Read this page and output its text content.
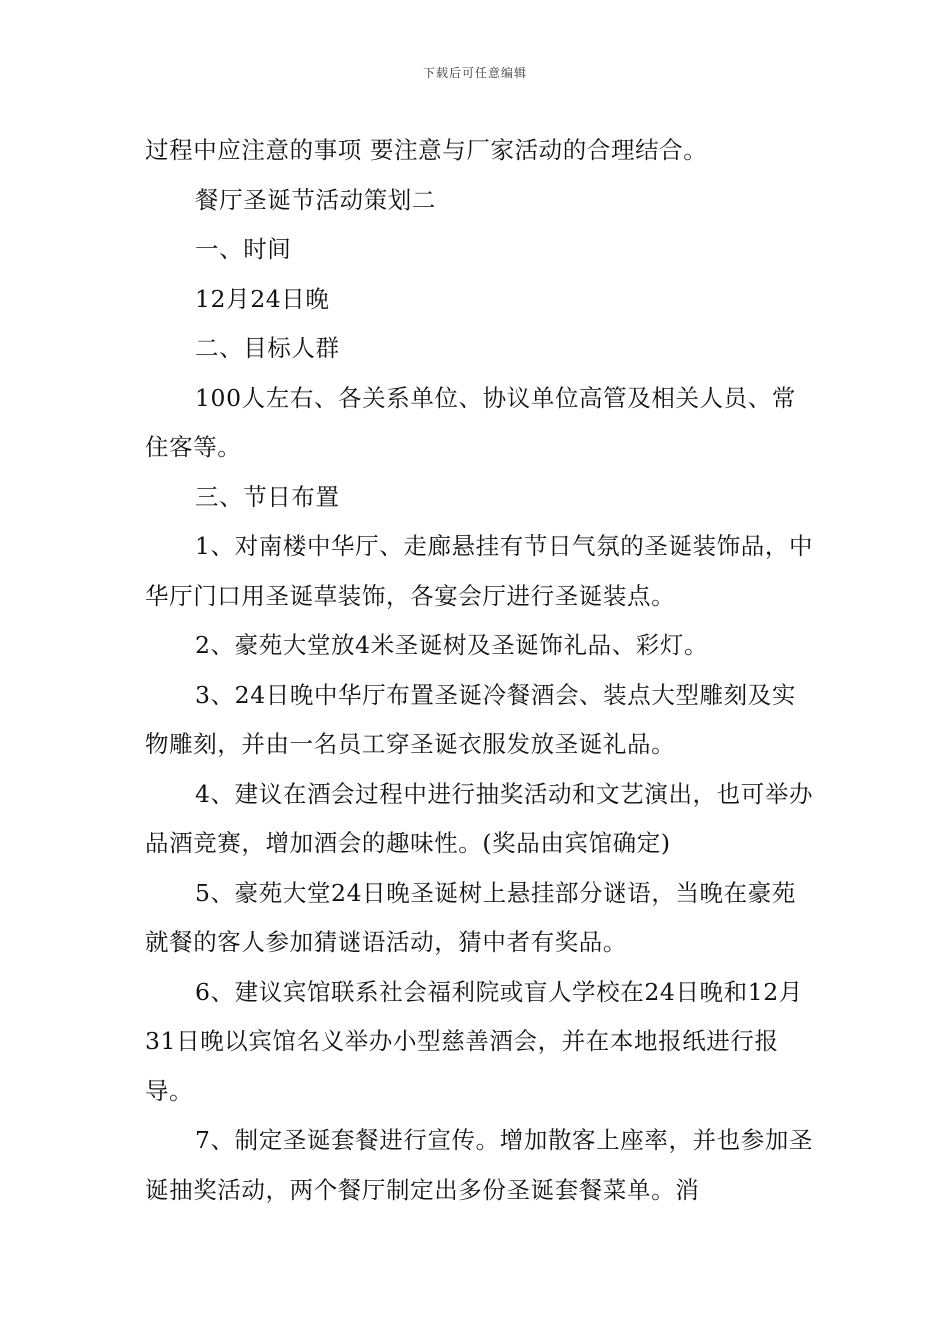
下载后可任意编辑

过程中应注意的事项 要注意与厂家活动的合理结合。

餐厅圣诞节活动策划二

一、时间

12月24日晚

二、目标人群

100人左右、各关系单位、协议单位高管及相关人员、常住客等。

三、节日布置

1、对南楼中华厅、走廊悬挂有节日气氛的圣诞装饰品，中华厅门口用圣诞草装饰，各宴会厅进行圣诞装点。

2、豪苑大堂放4米圣诞树及圣诞饰礼品、彩灯。

3、24日晚中华厅布置圣诞冷餐酒会、装点大型雕刻及实物雕刻，并由一名员工穿圣诞衣服发放圣诞礼品。

4、建议在酒会过程中进行抽奖活动和文艺演出，也可举办品酒竞赛，增加酒会的趣味性。(奖品由宾馆确定)

5、豪苑大堂24日晚圣诞树上悬挂部分谜语，当晚在豪苑就餐的客人参加猜谜语活动，猜中者有奖品。

6、建议宾馆联系社会福利院或盲人学校在24日晚和12月31日晚以宾馆名义举办小型慈善酒会，并在本地报纸进行报导。

7、制定圣诞套餐进行宣传。增加散客上座率，并也参加圣诞抽奖活动，两个餐厅制定出多份圣诞套餐菜单。消
